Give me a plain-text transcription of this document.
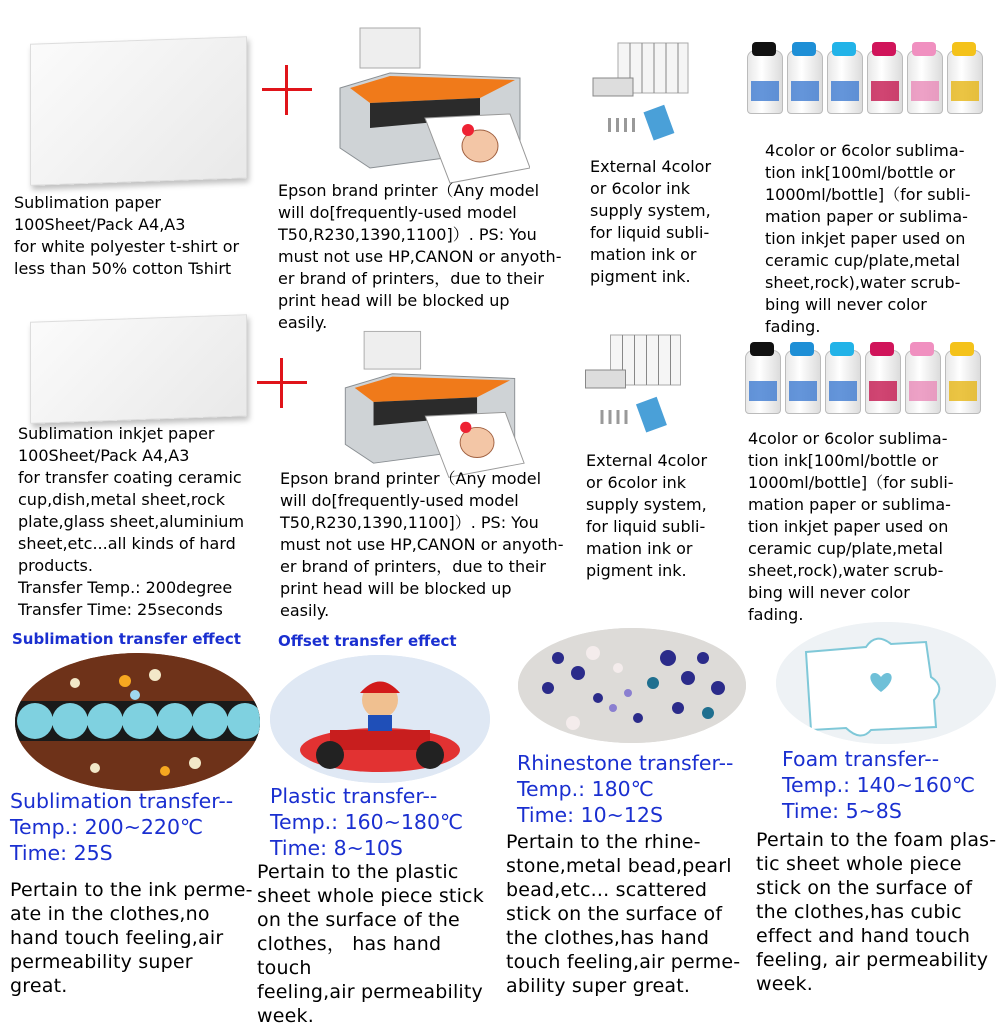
Sublimation paper
100Sheet/Pack A4,A3
for white polyester t-shirt or
less than 50% cotton Tshirt
Epson brand printer（Any model
will do[frequently-used model
T50,R230,1390,1100]）. PS: You
must not use HP,CANON or anyoth-
er brand of printers，due to their
print head will be blocked up
easily.
External 4color
or 6color ink
supply system,
for liquid subli-
mation ink or
pigment ink.
4color or 6color sublima-
tion ink[100ml/bottle or
1000ml/bottle]（for subli-
mation paper or sublima-
tion inkjet paper used on
ceramic cup/plate,metal
sheet,rock),water scrub-
bing will never color
fading.
Sublimation inkjet paper
100Sheet/Pack A4,A3
for transfer coating ceramic
cup,dish,metal sheet,rock
plate,glass sheet,aluminium
sheet,etc...all kinds of hard
products.
Transfer Temp.: 200degree
Transfer Time: 25seconds
Epson brand printer（Any model
will do[frequently-used model
T50,R230,1390,1100]）. PS: You
must not use HP,CANON or anyoth-
er brand of printers，due to their
print head will be blocked up
easily.
External 4color
or 6color ink
supply system,
for liquid subli-
mation ink or
pigment ink.
4color or 6color sublima-
tion ink[100ml/bottle or
1000ml/bottle]（for subli-
mation paper or sublima-
tion inkjet paper used on
ceramic cup/plate,metal
sheet,rock),water scrub-
bing will never color
fading.
Sublimation transfer effect Offset transfer effect
Sublimation transfer--
Temp.: 200~220℃
Time: 25S
Plastic transfer--
Temp.: 160~180℃
Time: 8~10S
Rhinestone transfer--
Temp.: 180℃
Time: 10~12S
Foam transfer--
Temp.: 140~160℃
Time: 5~8S
Pertain to the ink perme-
ate in the clothes,no
hand touch feeling,air
permeability super
great.
Pertain to the plastic
sheet whole piece stick
on the surface of the
clothes， has hand touch
feeling,air permeability
week.
Pertain to the rhine-
stone,metal bead,pearl
bead,etc... scattered
stick on the surface of
the clothes,has hand
touch feeling,air perme-
ability super great.
Pertain to the foam plas-
tic sheet whole piece
stick on the surface of
the clothes,has cubic
effect and hand touch
feeling, air permeability
week.
